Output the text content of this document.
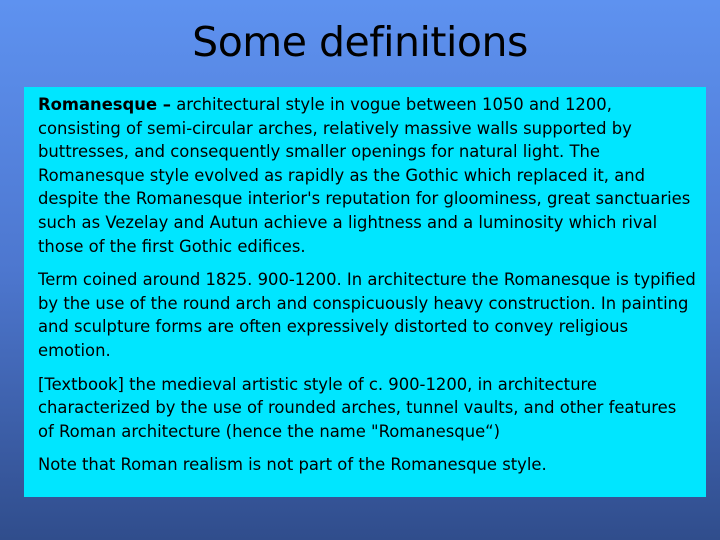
Some definitions

Romanesque – architectural style in vogue between 1050 and 1200, consisting of semi-circular arches, relatively massive walls supported by buttresses, and consequently smaller openings for natural light. The Romanesque style evolved as rapidly as the Gothic which replaced it, and despite the Romanesque interior's reputation for gloominess, great sanctuaries such as Vezelay and Autun achieve a lightness and a luminosity which rival those of the first Gothic edifices.

Term coined around 1825. 900-1200. In architecture the Romanesque is typified by the use of the round arch and conspicuously heavy construction. In painting and sculpture forms are often expressively distorted to convey religious emotion.

[Textbook] the medieval artistic style of c. 900-1200, in architecture characterized by the use of rounded arches, tunnel vaults, and other features of Roman architecture (hence the name "Romanesque“)

Note that Roman realism is not part of the Romanesque style.
